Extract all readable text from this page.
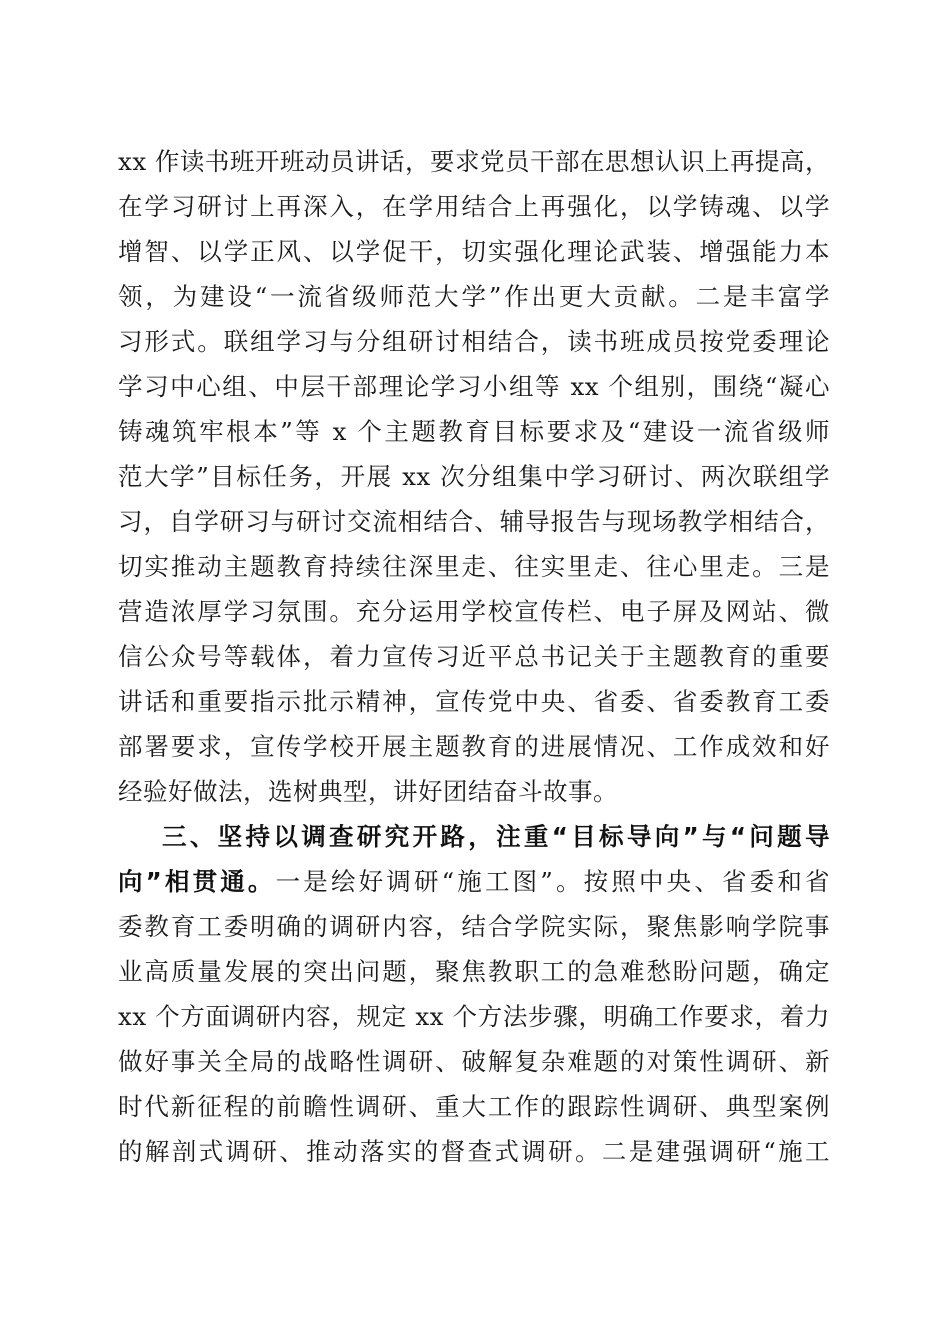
xx 作读书班开班动员讲话，要求党员干部在思想认识上再提高，
在学习研讨上再深入，在学用结合上再强化，以学铸魂、以学
增智、以学正风、以学促干，切实强化理论武装、增强能力本
领，为建设“一流省级师范大学”作出更大贡献。二是丰富学
习形式。联组学习与分组研讨相结合，读书班成员按党委理论
学习中心组、中层干部理论学习小组等 xx 个组别，围绕“凝心
铸魂筑牢根本”等 x 个主题教育目标要求及“建设一流省级师
范大学”目标任务，开展 xx 次分组集中学习研讨、两次联组学
习，自学研习与研讨交流相结合、辅导报告与现场教学相结合，
切实推动主题教育持续往深里走、往实里走、往心里走。三是
营造浓厚学习氛围。充分运用学校宣传栏、电子屏及网站、微
信公众号等载体，着力宣传习近平总书记关于主题教育的重要
讲话和重要指示批示精神，宣传党中央、省委、省委教育工委
部署要求，宣传学校开展主题教育的进展情况、工作成效和好
经验好做法，选树典型，讲好团结奋斗故事。
三、坚持以调查研究开路，注重“目标导向”与“问题导
向”相贯通。一是绘好调研“施工图”。按照中央、省委和省
委教育工委明确的调研内容，结合学院实际，聚焦影响学院事
业高质量发展的突出问题，聚焦教职工的急难愁盼问题，确定
xx 个方面调研内容，规定 xx 个方法步骤，明确工作要求，着力
做好事关全局的战略性调研、破解复杂难题的对策性调研、新
时代新征程的前瞻性调研、重大工作的跟踪性调研、典型案例
的解剖式调研、推动落实的督查式调研。二是建强调研“施工
